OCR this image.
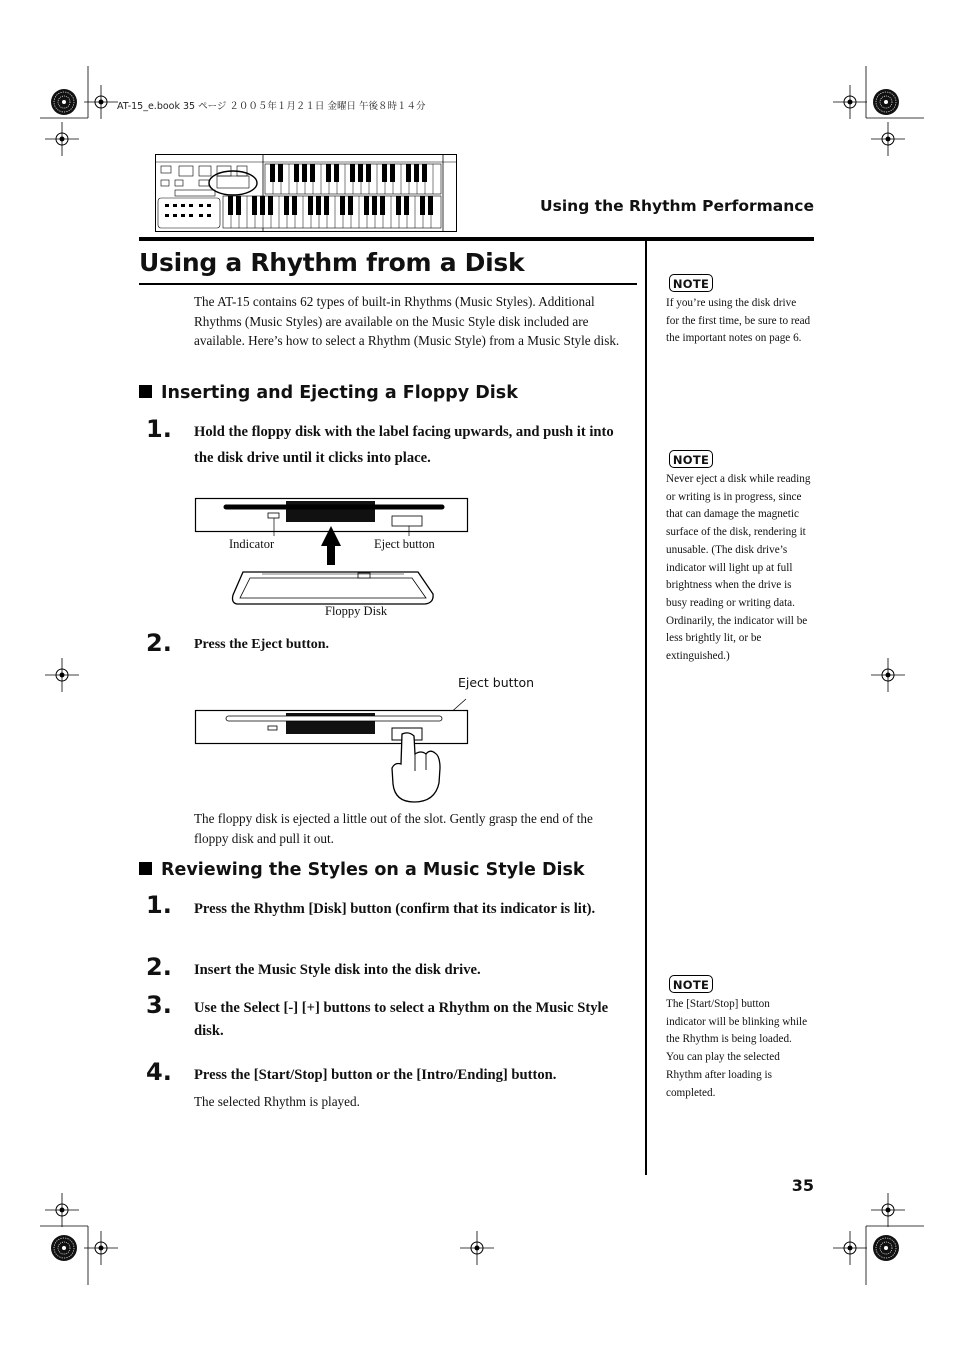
AT-15_e.book 35 ページ ２００５年１月２１日 金曜日 午後８時１４分
Using the Rhythm Performance
Using a Rhythm from a Disk
The AT-15 contains 62 types of built-in Rhythms (Music Styles). Additional Rhythms (Music Styles) are available on the Music Style disk included are available. Here’s how to select a Rhythm (Music Style) from a Music Style disk.
Inserting and Ejecting a Floppy Disk
1. Hold the floppy disk with the label facing upwards, and push it into the disk drive until it clicks into place.
Indicator	Eject button
Floppy Disk
2. Press the Eject button.
Eject button
The floppy disk is ejected a little out of the slot. Gently grasp the end of the floppy disk and pull it out.
Reviewing the Styles on a Music Style Disk
1. Press the Rhythm [Disk] button (confirm that its indicator is lit).
2. Insert the Music Style disk into the disk drive.
3. Use the Select [-] [+] buttons to select a Rhythm on the Music Style disk.
4. Press the [Start/Stop] button or the [Intro/Ending] button.
The selected Rhythm is played.
NOTE
If you’re using the disk drive for the first time, be sure to read the important notes on page 6.
NOTE
Never eject a disk while reading or writing is in progress, since that can damage the magnetic surface of the disk, rendering it unusable. (The disk drive’s indicator will light up at full brightness when the drive is busy reading or writing data. Ordinarily, the indicator will be less brightly lit, or be extinguished.)
NOTE
The [Start/Stop] button indicator will be blinking while the Rhythm is being loaded.
You can play the selected Rhythm after loading is completed.
35
